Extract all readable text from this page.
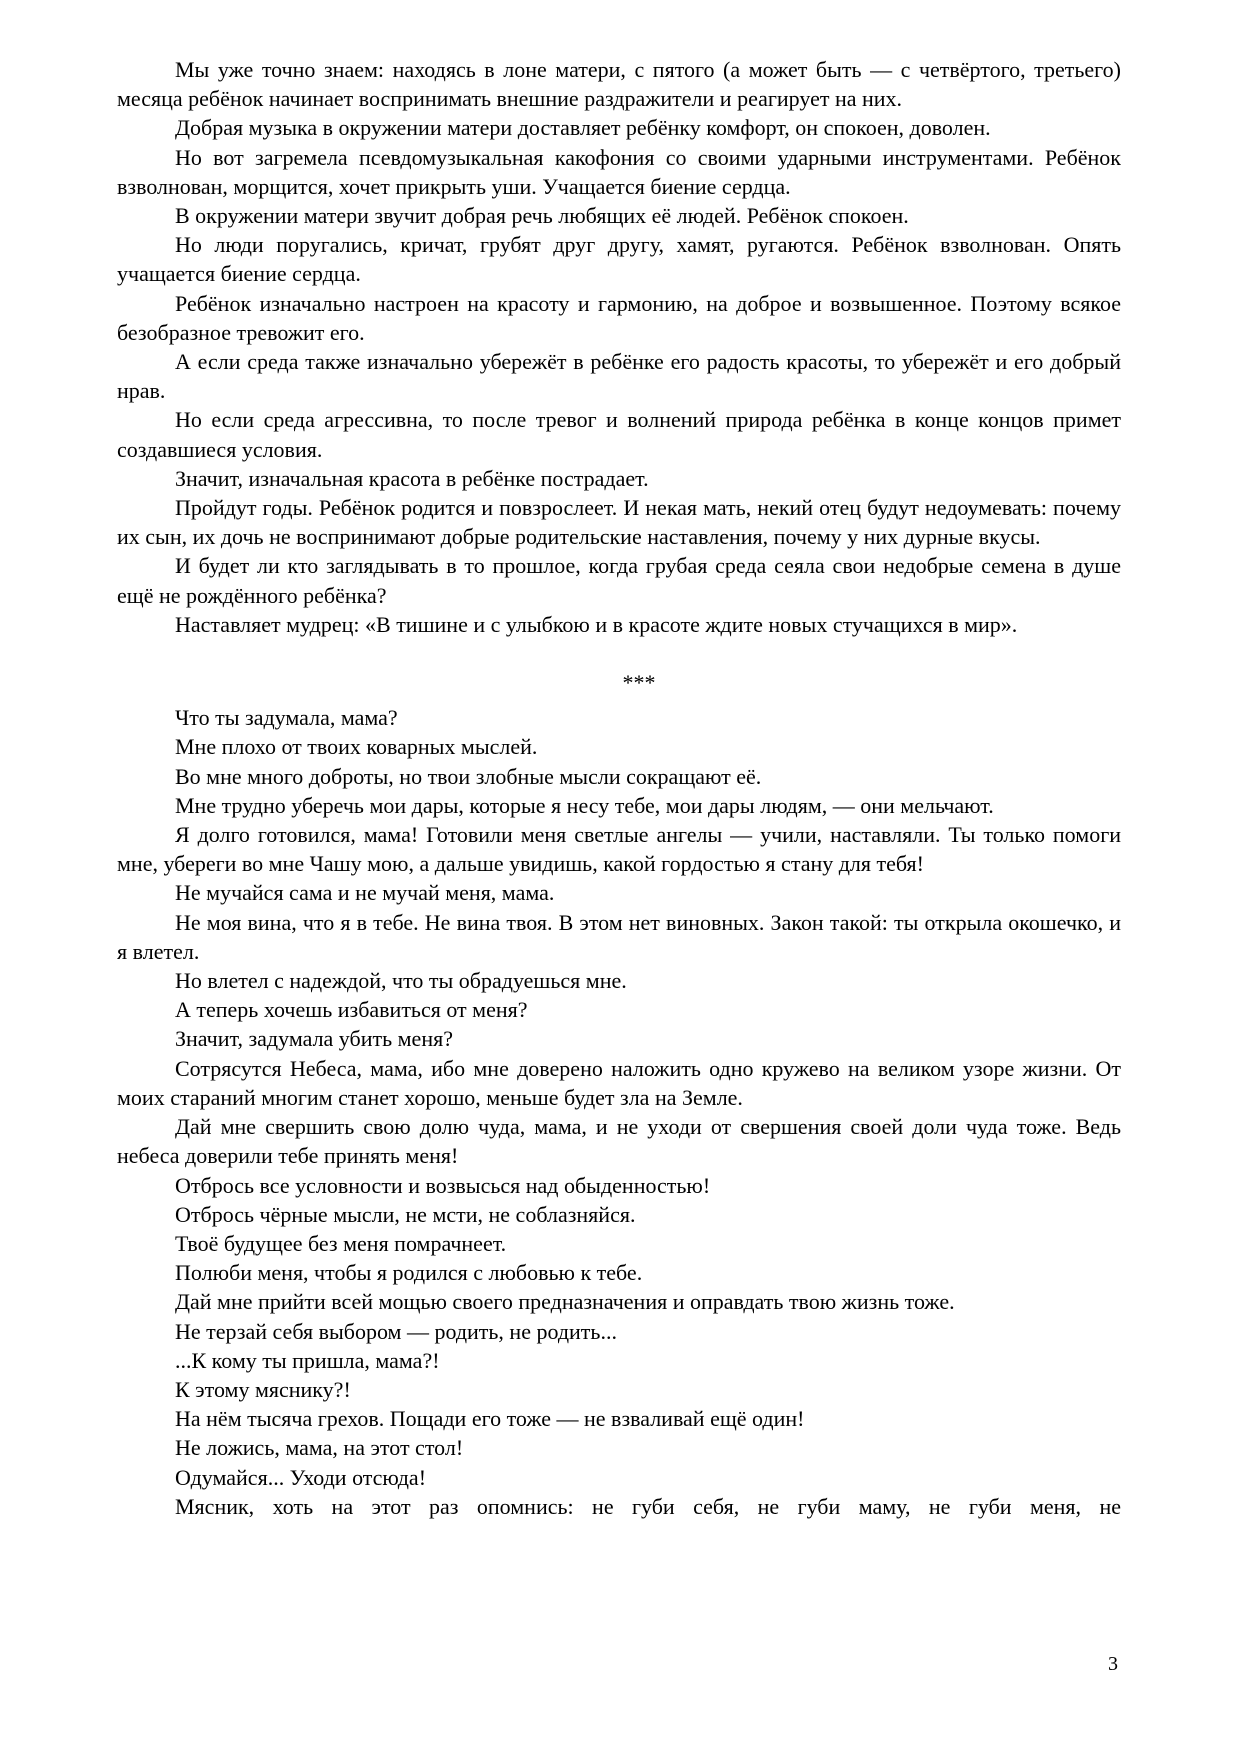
Мы уже точно знаем: находясь в лоне матери, с пятого (а может быть — с четвёртого, третьего) месяца ребёнок начинает воспринимать внешние раздражители и реагирует на них.

Добрая музыка в окружении матери доставляет ребёнку комфорт, он спокоен, доволен.

Но вот загремела псевдомузыкальная какофония со своими ударными инструментами. Ребёнок взволнован, морщится, хочет прикрыть уши. Учащается биение сердца.

В окружении матери звучит добрая речь любящих её людей. Ребёнок спокоен.

Но люди поругались, кричат, грубят друг другу, хамят, ругаются. Ребёнок взволнован. Опять учащается биение сердца.

Ребёнок изначально настроен на красоту и гармонию, на доброе и возвышенное. Поэтому всякое безобразное тревожит его.

А если среда также изначально убережёт в ребёнке его радость красоты, то убережёт и его добрый нрав.

Но если среда агрессивна, то после тревог и волнений природа ребёнка в конце концов примет создавшиеся условия.

Значит, изначальная красота в ребёнке пострадает.

Пройдут годы. Ребёнок родится и повзрослеет. И некая мать, некий отец будут недоумевать: почему их сын, их дочь не воспринимают добрые родительские наставления, почему у них дурные вкусы.

И будет ли кто заглядывать в то прошлое, когда грубая среда сеяла свои недобрые семена в душе ещё не рождённого ребёнка?

Наставляет мудрец: «В тишине и с улыбкою и в красоте ждите новых стучащихся в мир».

***

Что ты задумала, мама?

Мне плохо от твоих коварных мыслей.

Во мне много доброты, но твои злобные мысли сокращают её.

Мне трудно уберечь мои дары, которые я несу тебе, мои дары людям, — они мельчают.

Я долго готовился, мама! Готовили меня светлые ангелы — учили, наставляли. Ты только помоги мне, убереги во мне Чашу мою, а дальше увидишь, какой гордостью я стану для тебя!

Не мучайся сама и не мучай меня, мама.

Не моя вина, что я в тебе. Не вина твоя. В этом нет виновных. Закон такой: ты открыла окошечко, и я влетел.

Но влетел с надеждой, что ты обрадуешься мне.

А теперь хочешь избавиться от меня?

Значит, задумала убить меня?

Сотрясутся Небеса, мама, ибо мне доверено наложить одно кружево на великом узоре жизни. От моих стараний многим станет хорошо, меньше будет зла на Земле.

Дай мне свершить свою долю чуда, мама, и не уходи от свершения своей доли чуда тоже. Ведь небеса доверили тебе принять меня!

Отбрось все условности и возвысься над обыденностью!

Отбрось чёрные мысли, не мсти, не соблазняйся.

Твоё будущее без меня помрачнеет.

Полюби меня, чтобы я родился с любовью к тебе.

Дай мне прийти всей мощью своего предназначения и оправдать твою жизнь тоже.

Не терзай себя выбором — родить, не родить...

...К кому ты пришла, мама?!

К этому мяснику?!

На нём тысяча грехов. Пощади его тоже — не взваливай ещё один!

Не ложись, мама, на этот стол!

Одумайся... Уходи отсюда!

Мясник, хоть на этот раз опомнись: не губи себя, не губи маму, не губи меня, не

3
